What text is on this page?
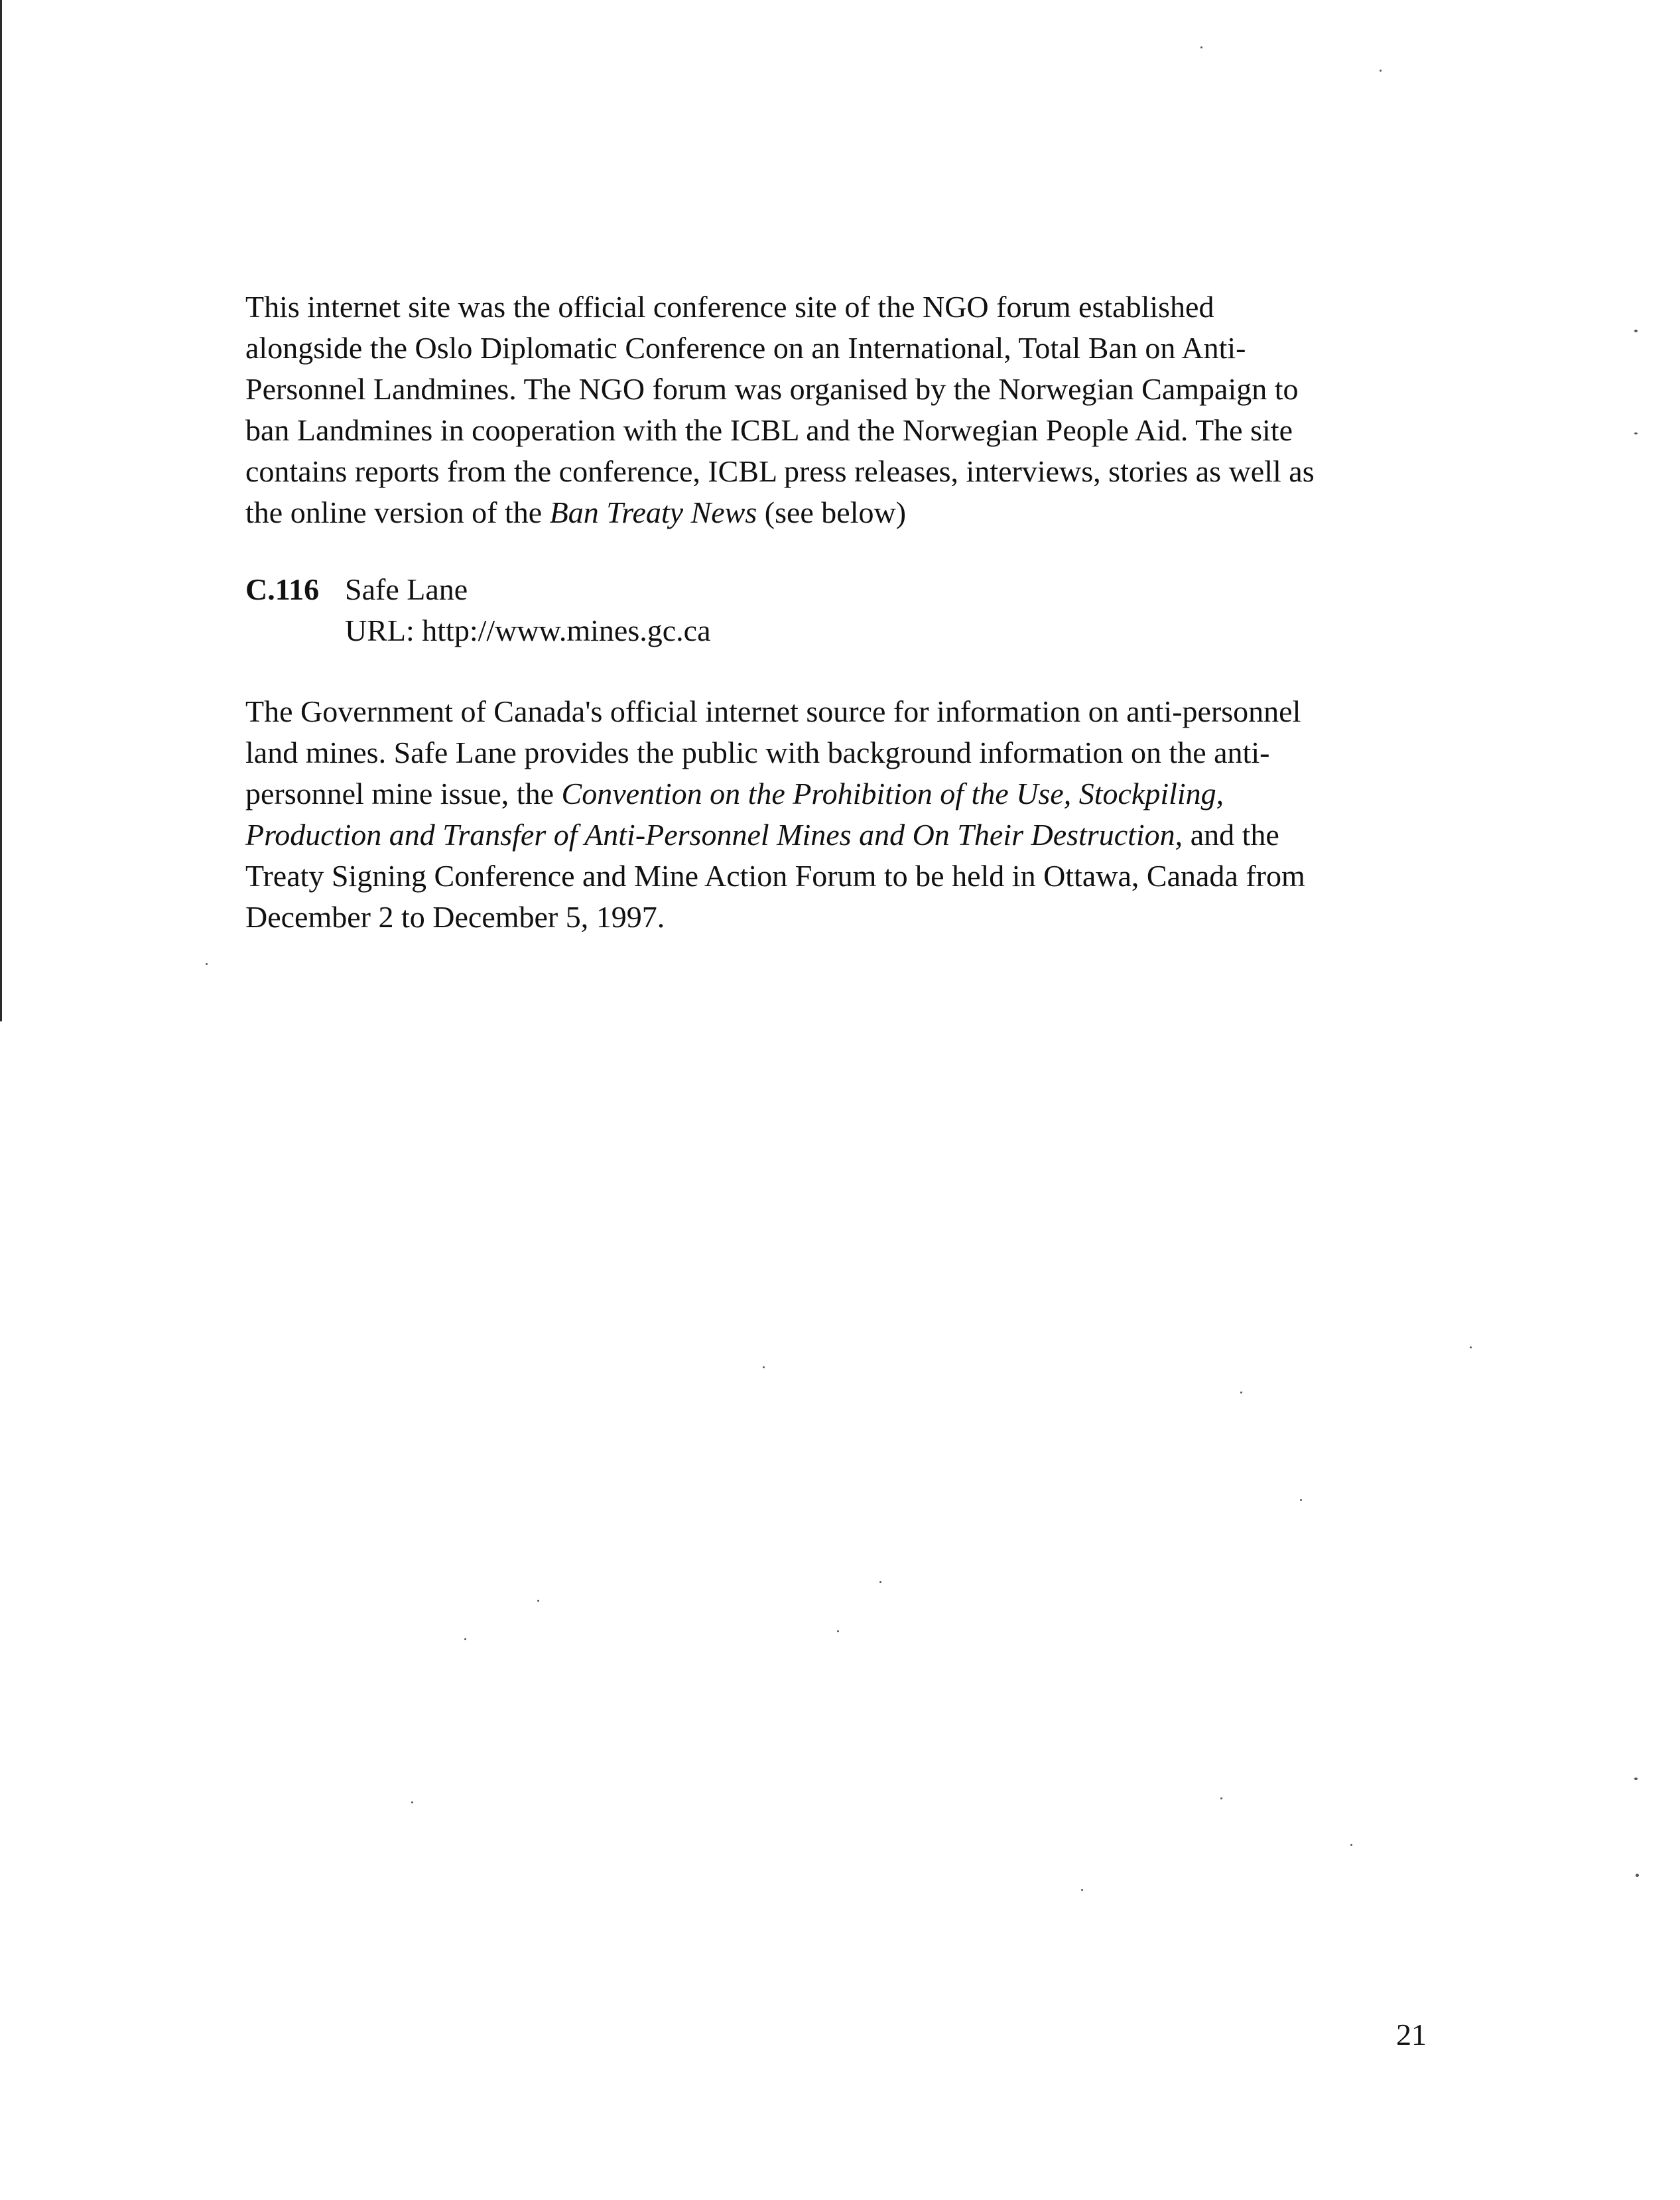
This internet site was the official conference site of the NGO forum established
alongside the Oslo Diplomatic Conference on an International, Total Ban on Anti-
Personnel Landmines. The NGO forum was organised by the Norwegian Campaign to
ban Landmines in cooperation with the ICBL and the Norwegian People Aid. The site
contains reports from the conference, ICBL press releases, interviews, stories as well as
the online version of the Ban Treaty News (see below)
C.116 Safe Lane
URL: http://www.mines.gc.ca
The Government of Canada's official internet source for information on anti-personnel
land mines. Safe Lane provides the public with background information on the anti-
personnel mine issue, the Convention on the Prohibition of the Use, Stockpiling,
Production and Transfer of Anti-Personnel Mines and On Their Destruction, and the
Treaty Signing Conference and Mine Action Forum to be held in Ottawa, Canada from
December 2 to December 5, 1997.
21
